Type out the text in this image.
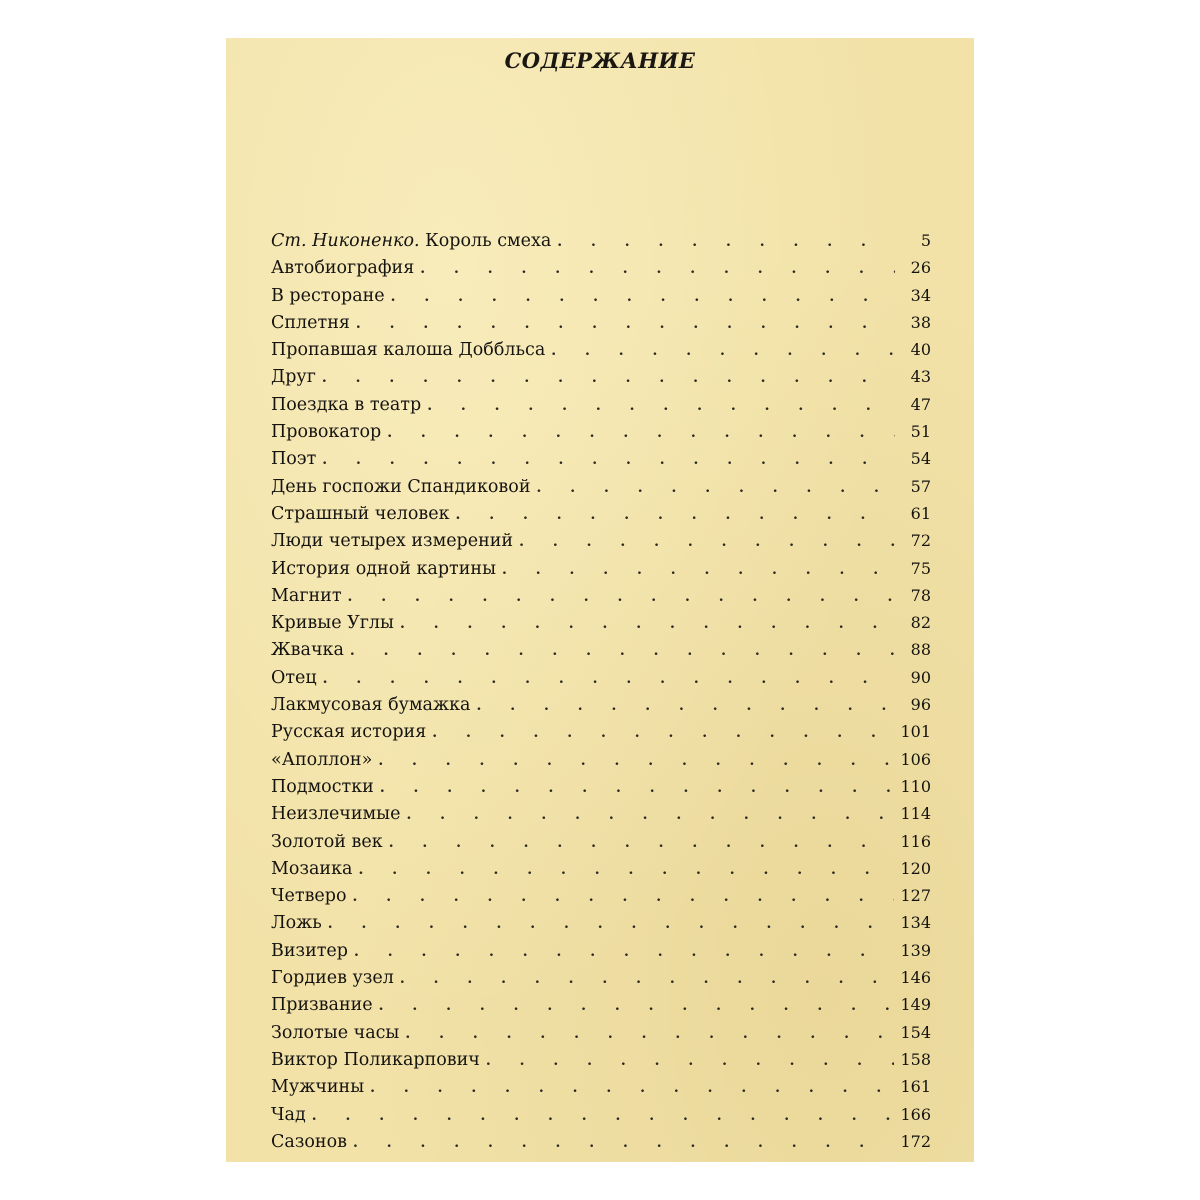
СОДЕРЖАНИЕ
Ст. Никоненко. Король смеха . . .	5
Автобиография . . .	26
В ресторане . . .	34
Сплетня . . .	38
Пропавшая калоша Доббльса . . .	40
Друг . . .	43
Поездка в театр . . .	47
Провокатор . . .	51
Поэт . . .	54
День госпожи Спандиковой . . .	57
Страшный человек . . .	61
Люди четырех измерений . . .	72
История одной картины . . .	75
Магнит . . .	78
Кривые Углы . . .	82
Жвачка . . .	88
Отец . . .	90
Лакмусовая бумажка . . .	96
Русская история . . .	101
«Аполлон» . . .	106
Подмостки . . .	110
Неизлечимые . . .	114
Золотой век . . .	116
Мозаика . . .	120
Четверо . . .	127
Ложь . . .	134
Визитер . . .	139
Гордиев узел . . .	146
Призвание . . .	149
Золотые часы . . .	154
Виктор Поликарпович . . .	158
Мужчины . . .	161
Чад . . .	166
Сазонов . . .	172
